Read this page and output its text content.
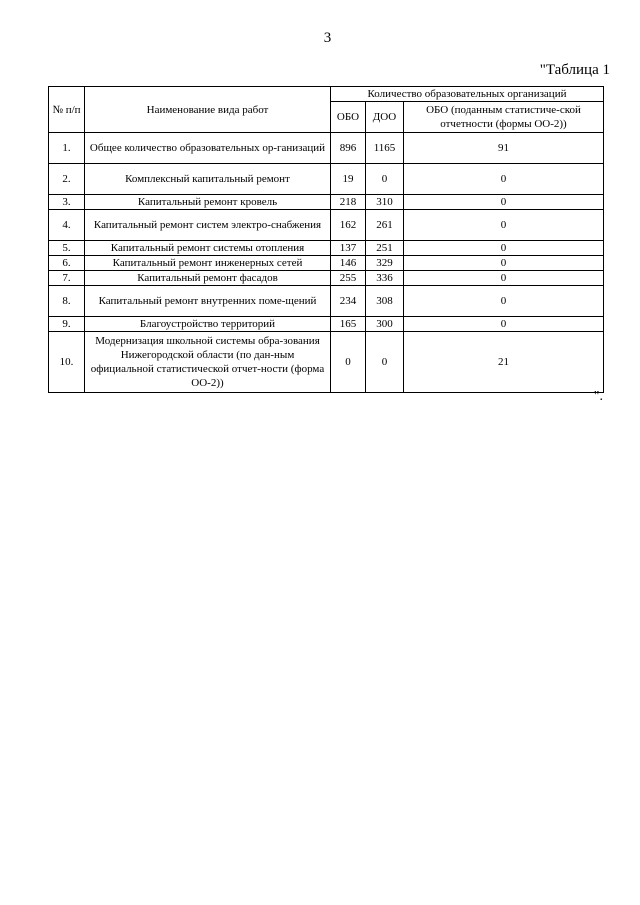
3
"Таблица 1
№ п/п	Наименование вида работ	Количество образовательных организаций		
		ОБО	ДОО	ОБО (поданным статистиче-ской отчетности (формы ОО-2))
1.	Общее количество образовательных ор-ганизаций	896	1165	91
2.	Комплексный капитальный ремонт	19	0	0
3.	Капитальный ремонт кровель	218	310	0
4.	Капитальный ремонт систем электро-снабжения	162	261	0
5.	Капитальный ремонт системы отопления	137	251	0
6.	Капитальный ремонт инженерных сетей	146	329	0
7.	Капитальный ремонт фасадов	255	336	0
8.	Капитальный ремонт внутренних поме-щений	234	308	0
9.	Благоустройство территорий	165	300	0
10.	Модернизация школьной системы обра-зования Нижегородской области (по дан-ным официальной статистической отчет-ности (форма ОО-2))	0	0	21
".
